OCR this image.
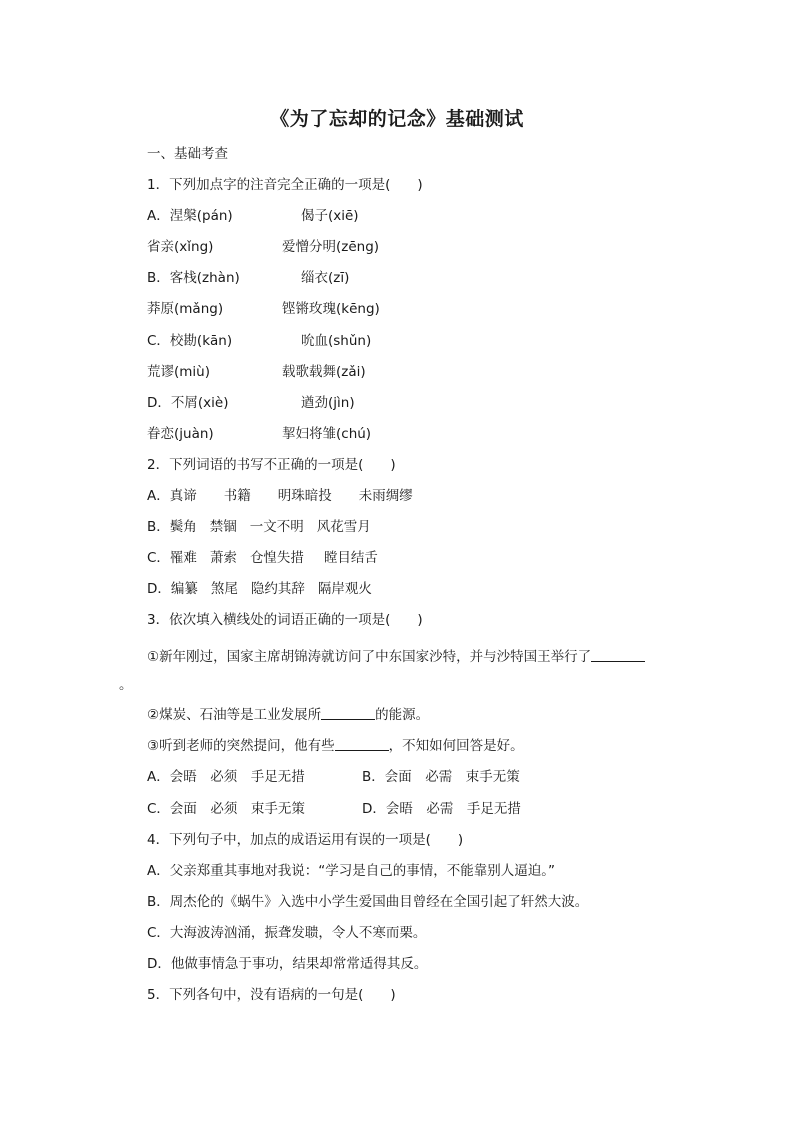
《为了忘却的记念》基础测试
一、基础考查
1．下列加点字的注音完全正确的一项是(　　)
A．涅槃(pán)	偈子(xiē)
省亲(xǐng)	爱憎分明(zēng)
B．客栈(zhàn)	缁衣(zī)
莽原(mǎng)	铿锵玫瑰(kēng)
C．校勘(kān)	吮血(shǔn)
荒谬(miù)	载歌载舞(zǎi)
D．不屑(xiè)	遒劲(jìn)
眷恋(juàn)	挈妇将雏(chú)
2．下列词语的书写不正确的一项是(　　)
A．真谛 书籍 明珠暗投 未雨绸缪
B．鬓角 禁锢 一文不明 风花雪月
C．罹难 萧索 仓惶失措 瞠目结舌
D．编纂 煞尾 隐约其辞 隔岸观火
3．依次填入横线处的词语正确的一项是(　　)
①新年刚过，国家主席胡锦涛就访问了中东国家沙特，并与沙特国王举行了
。
②煤炭、石油等是工业发展所	的能源。
③听到老师的突然提问，他有些	，不知如何回答是好。
A．会晤　必须　手足无措	B．会面　必需　束手无策
C．会面　必须　束手无策	D．会晤　必需　手足无措
4．下列句子中，加点的成语运用有误的一项是(　　)
A．父亲郑重其事地对我说：“学习是自己的事情，不能靠别人逼迫。”
B．周杰伦的《蜗牛》入选中小学生爱国曲目曾经在全国引起了轩然大波。
C．大海波涛汹涌，振聋发聩，令人不寒而栗。
D．他做事情急于事功，结果却常常适得其反。
5．下列各句中，没有语病的一句是(　　)
